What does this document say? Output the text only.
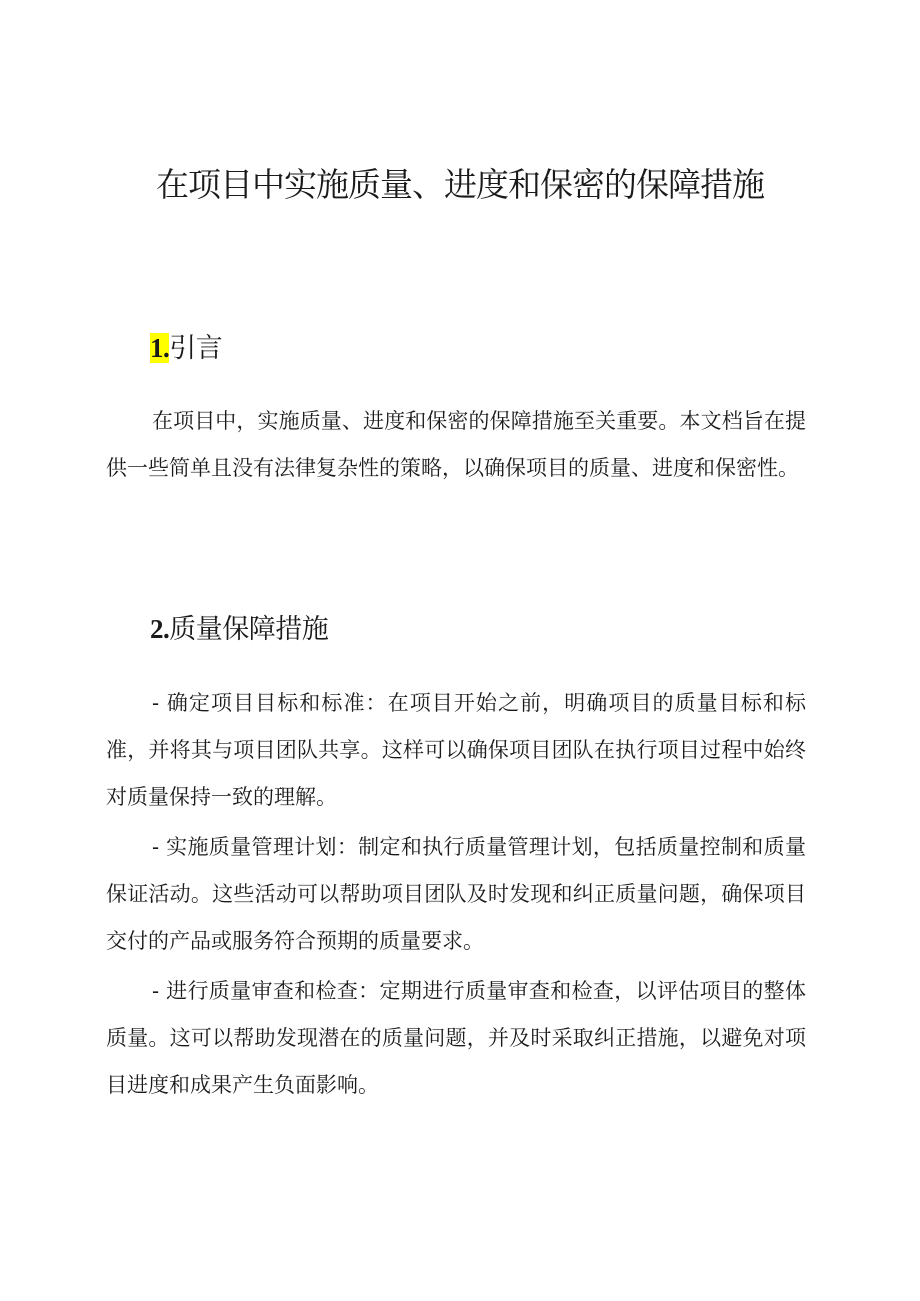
在项目中实施质量、进度和保密的保障措施
1.引言

在项目中，实施质量、进度和保密的保障措施至关重要。本文档旨在提供一些简单且没有法律复杂性的策略，以确保项目的质量、进度和保密性。

2.质量保障措施

- 确定项目目标和标准：在项目开始之前，明确项目的质量目标和标准，并将其与项目团队共享。这样可以确保项目团队在执行项目过程中始终对质量保持一致的理解。

- 实施质量管理计划：制定和执行质量管理计划，包括质量控制和质量保证活动。这些活动可以帮助项目团队及时发现和纠正质量问题，确保项目交付的产品或服务符合预期的质量要求。

- 进行质量审查和检查：定期进行质量审查和检查，以评估项目的整体质量。这可以帮助发现潜在的质量问题，并及时采取纠正措施，以避免对项目进度和成果产生负面影响。
